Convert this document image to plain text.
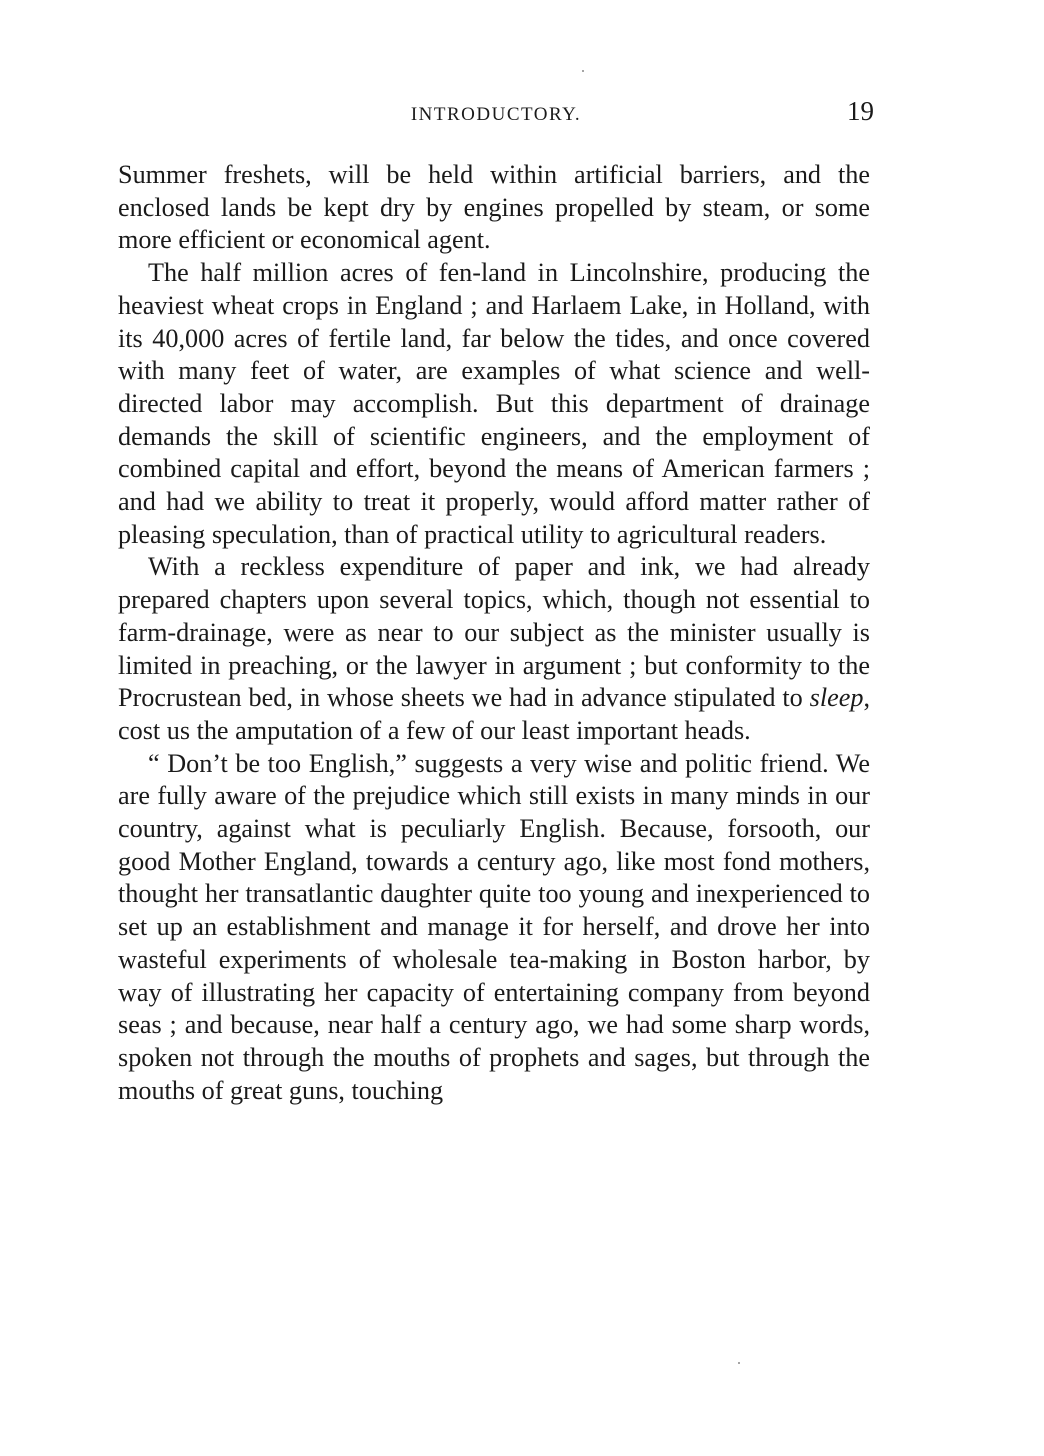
INTRODUCTORY.	19

Summer freshets, will be held within artificial barriers, and the enclosed lands be kept dry by engines propelled by steam, or some more efficient or economical agent.

The half million acres of fen-land in Lincolnshire, producing the heaviest wheat crops in England ; and Harlaem Lake, in Holland, with its 40,000 acres of fertile land, far below the tides, and once covered with many feet of water, are examples of what science and well-directed labor may accomplish. But this department of drainage demands the skill of scientific engineers, and the employment of combined capital and effort, beyond the means of American farmers ; and had we ability to treat it properly, would afford matter rather of pleasing speculation, than of practical utility to agricultural readers.

With a reckless expenditure of paper and ink, we had already prepared chapters upon several topics, which, though not essential to farm-drainage, were as near to our subject as the minister usually is limited in preaching, or the lawyer in argument ; but conformity to the Procrustean bed, in whose sheets we had in advance stipulated to sleep, cost us the amputation of a few of our least important heads.

“ Don’t be too English,” suggests a very wise and politic friend. We are fully aware of the prejudice which still exists in many minds in our country, against what is peculiarly English. Because, forsooth, our good Mother England, towards a century ago, like most fond mothers, thought her transatlantic daughter quite too young and inexperienced to set up an establishment and manage it for herself, and drove her into wasteful experiments of wholesale tea-making in Boston harbor, by way of illustrating her capacity of entertaining company from beyond seas ; and because, near half a century ago, we had some sharp words, spoken not through the mouths of prophets and sages, but through the mouths of great guns, touching
